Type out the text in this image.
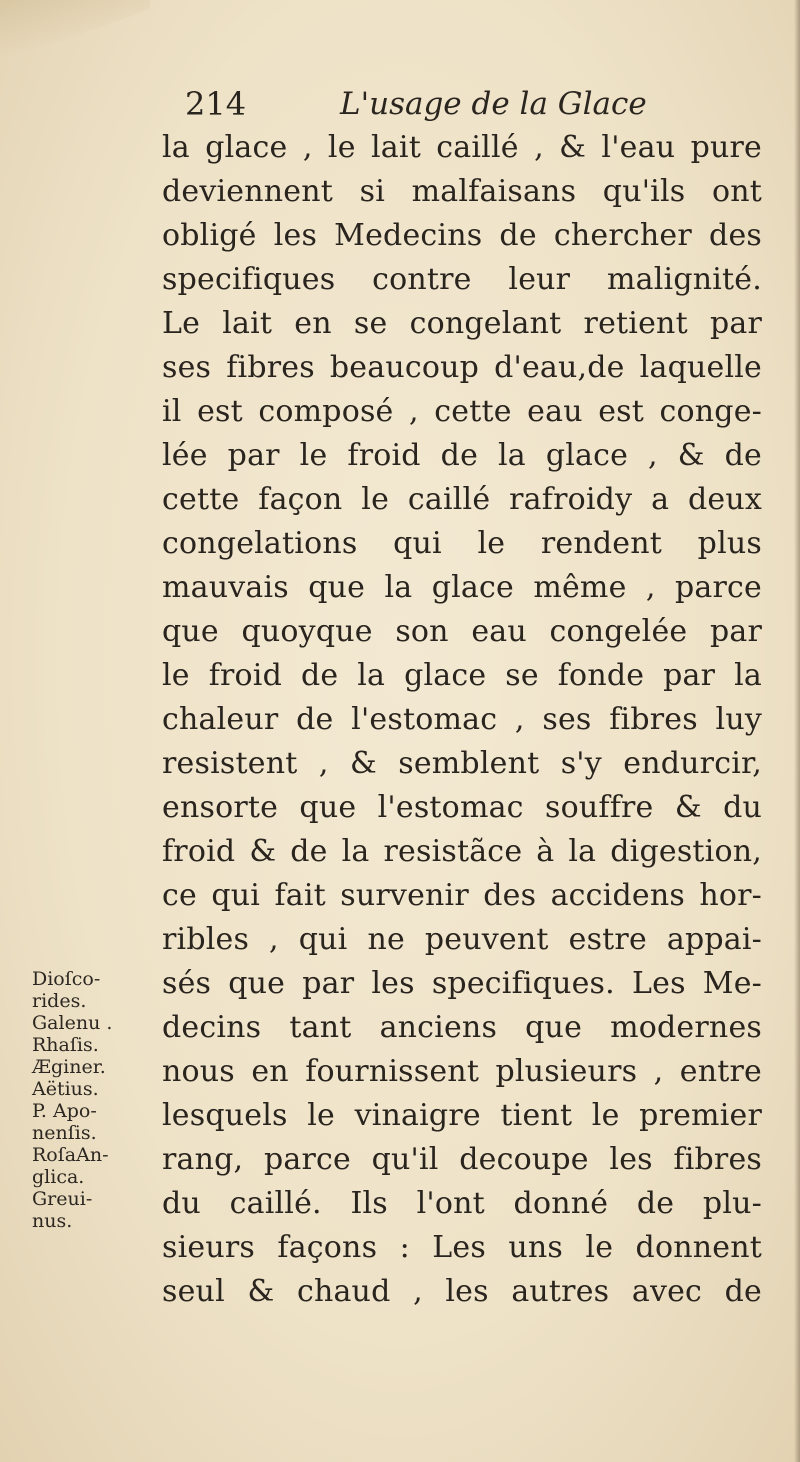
214	L'usage de la Glace
la glace , le lait caillé , & l'eau pure
deviennent si malfaisans qu'ils ont
obligé les Medecins de chercher des
specifiques contre leur malignité.
Le lait en se congelant retient par
ses fibres beaucoup d'eau,de laquelle
il est composé , cette eau est conge-
lée par le froid de la glace , & de
cette façon le caillé rafroidy a deux
congelations qui le rendent plus
mauvais que la glace même , parce
que quoyque son eau congelée par
le froid de la glace se fonde par la
chaleur de l'estomac , ses fibres luy
resistent , & semblent s'y endurcir,
ensorte que l'estomac souffre & du
froid & de la resistãce à la digestion,
ce qui fait survenir des accidens hor-
ribles , qui ne peuvent estre appai-
sés que par les specifiques. Les Me-
decins tant anciens que modernes
nous en fournissent plusieurs , entre
lesquels le vinaigre tient le premier
rang, parce qu'il decoupe les fibres
du caillé. Ils l'ont donné de plu-
sieurs façons : Les uns le donnent
seul & chaud , les autres avec de
Dioſco-
rides.
Galenu .
Rhaſis.
Æginer.
Aëtius.
P. Apo-
nenſis.
RoſaAn-
glica.
Greui-
nus.
